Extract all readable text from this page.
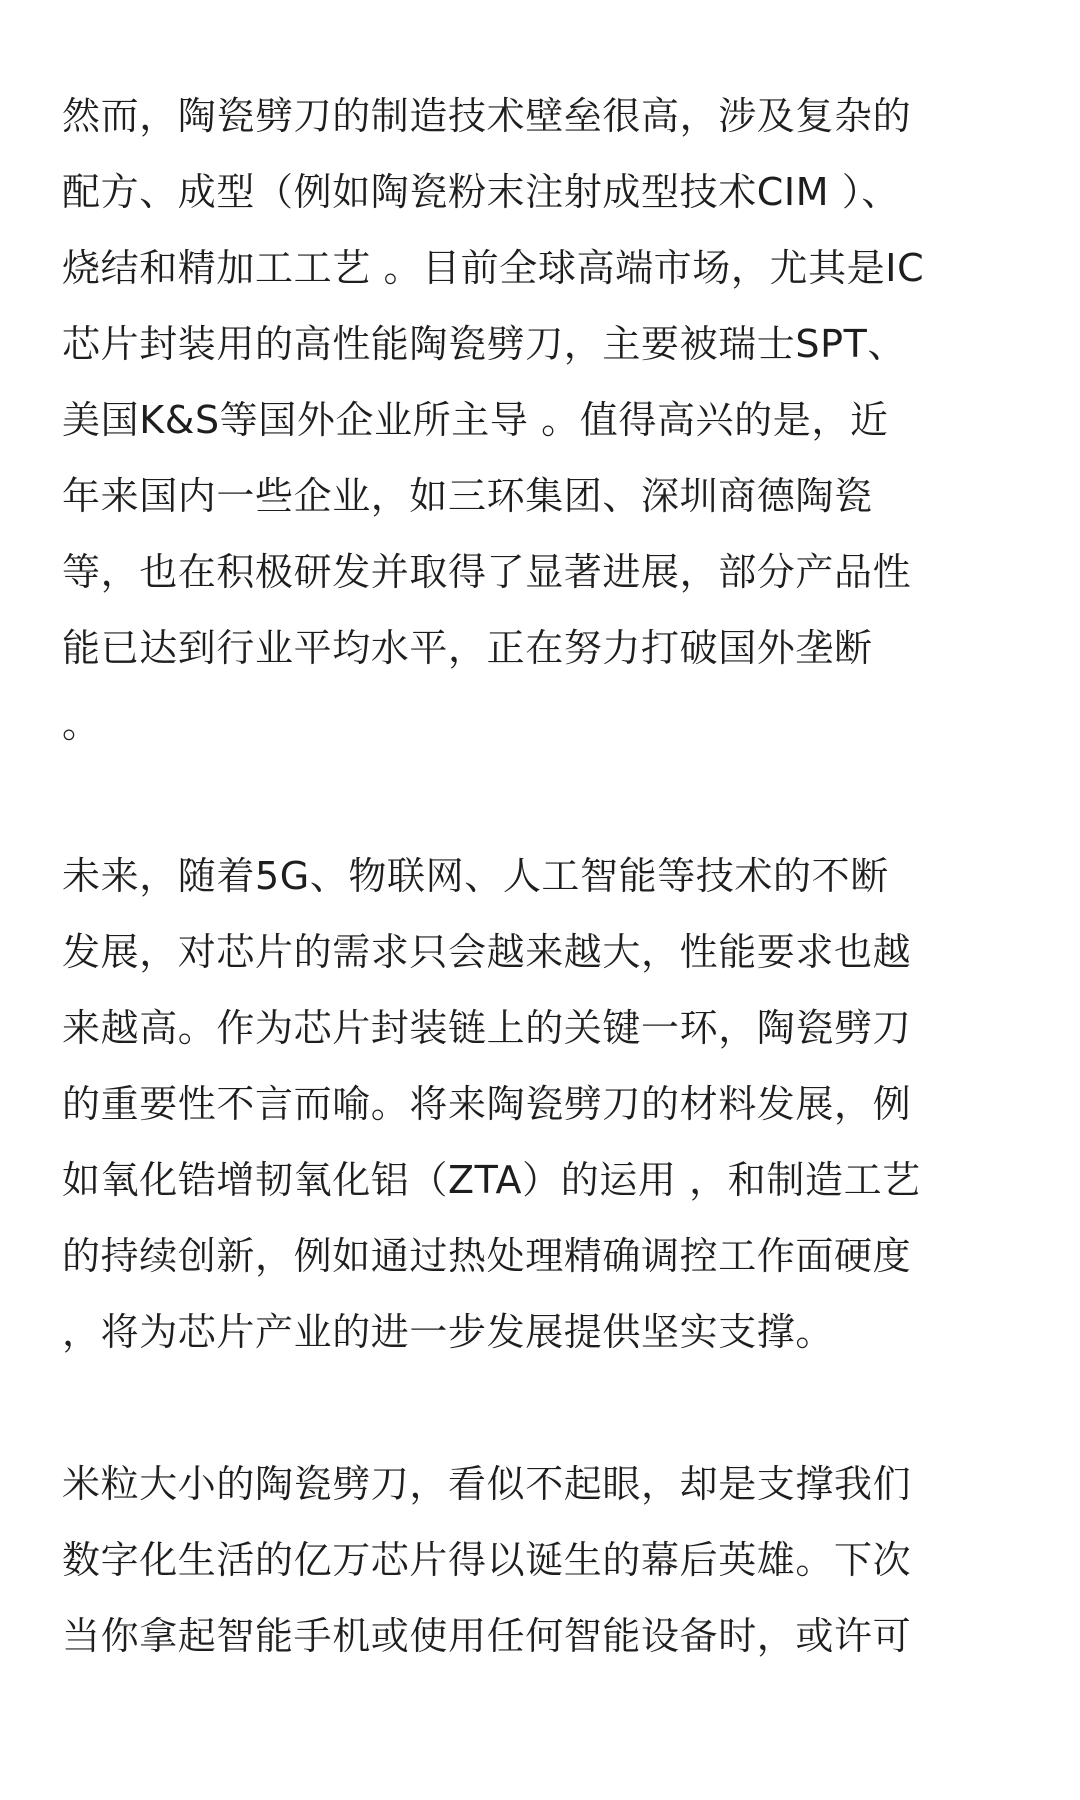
然而，陶瓷劈刀的制造技术壁垒很高，涉及复杂的
配方、成型（例如陶瓷粉末注射成型技术CIM ）、
烧结和精加工工艺 。目前全球高端市场，尤其是IC
芯片封装用的高性能陶瓷劈刀，主要被瑞士SPT、
美国K&S等国外企业所主导 。值得高兴的是，近
年来国内一些企业，如三环集团、深圳商德陶瓷
等，也在积极研发并取得了显著进展，部分产品性
能已达到行业平均水平，正在努力打破国外垄断
。

未来，随着5G、物联网、人工智能等技术的不断
发展，对芯片的需求只会越来越大，性能要求也越
来越高。作为芯片封装链上的关键一环，陶瓷劈刀
的重要性不言而喻。将来陶瓷劈刀的材料发展，例
如氧化锆增韧氧化铝（ZTA）的运用 ，和制造工艺
的持续创新，例如通过热处理精确调控工作面硬度
，将为芯片产业的进一步发展提供坚实支撑。

米粒大小的陶瓷劈刀，看似不起眼，却是支撑我们
数字化生活的亿万芯片得以诞生的幕后英雄。下次
当你拿起智能手机或使用任何智能设备时，或许可
